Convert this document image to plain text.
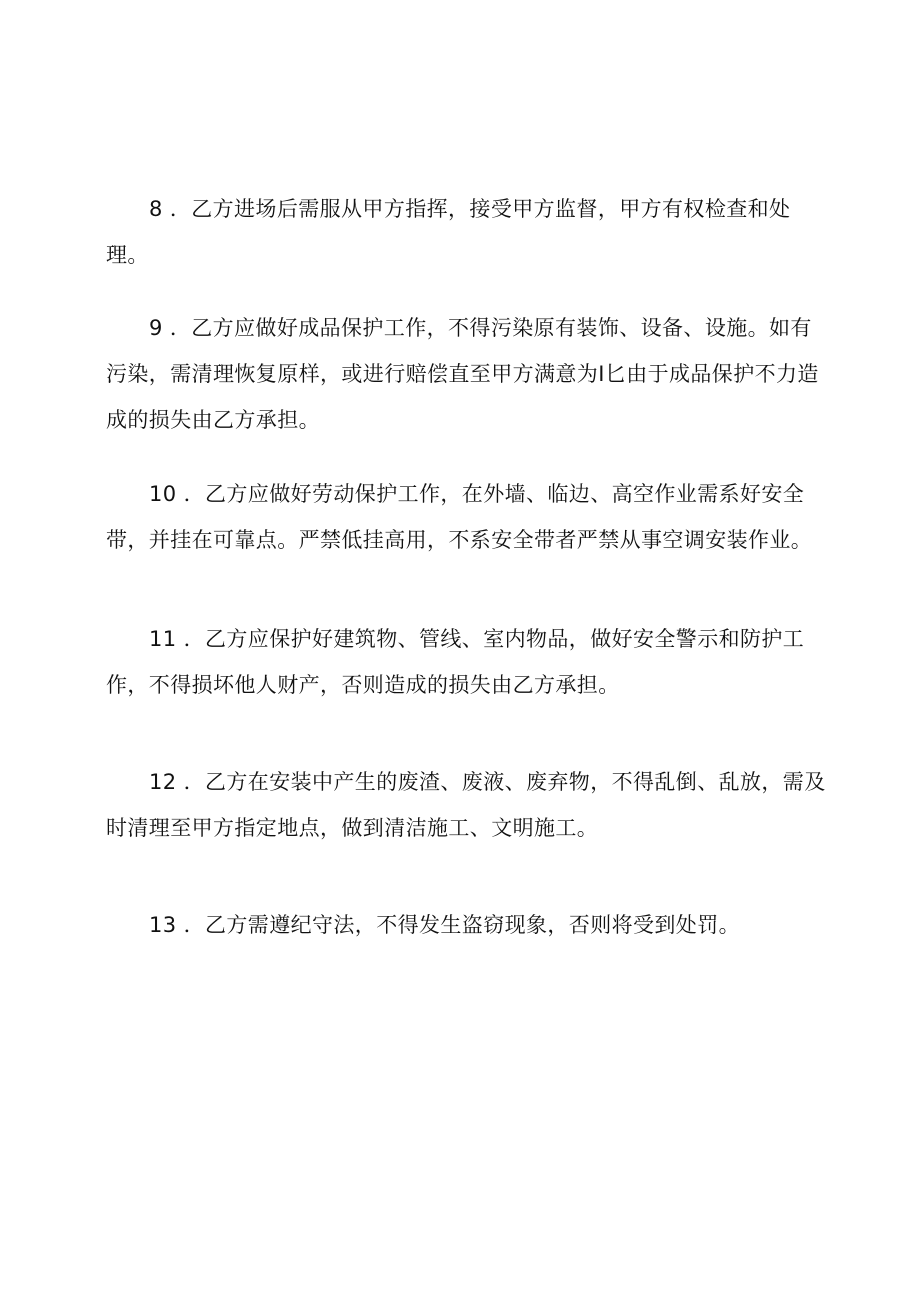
8 ．乙方进场后需服从甲方指挥，接受甲方监督，甲方有权检查和处理。

9 ．乙方应做好成品保护工作，不得污染原有装饰、设备、设施。如有污染，需清理恢复原样，或进行赔偿直至甲方满意为I匕由于成品保护不力造成的损失由乙方承担。

10 ．乙方应做好劳动保护工作，在外墙、临边、高空作业需系好安全带，并挂在可靠点。严禁低挂高用，不系安全带者严禁从事空调安装作业。

11 ．乙方应保护好建筑物、管线、室内物品，做好安全警示和防护工作，不得损坏他人财产，否则造成的损失由乙方承担。

12 ．乙方在安装中产生的废渣、废液、废弃物，不得乱倒、乱放，需及时清理至甲方指定地点，做到清洁施工、文明施工。

13 ．乙方需遵纪守法，不得发生盗窃现象，否则将受到处罚。
